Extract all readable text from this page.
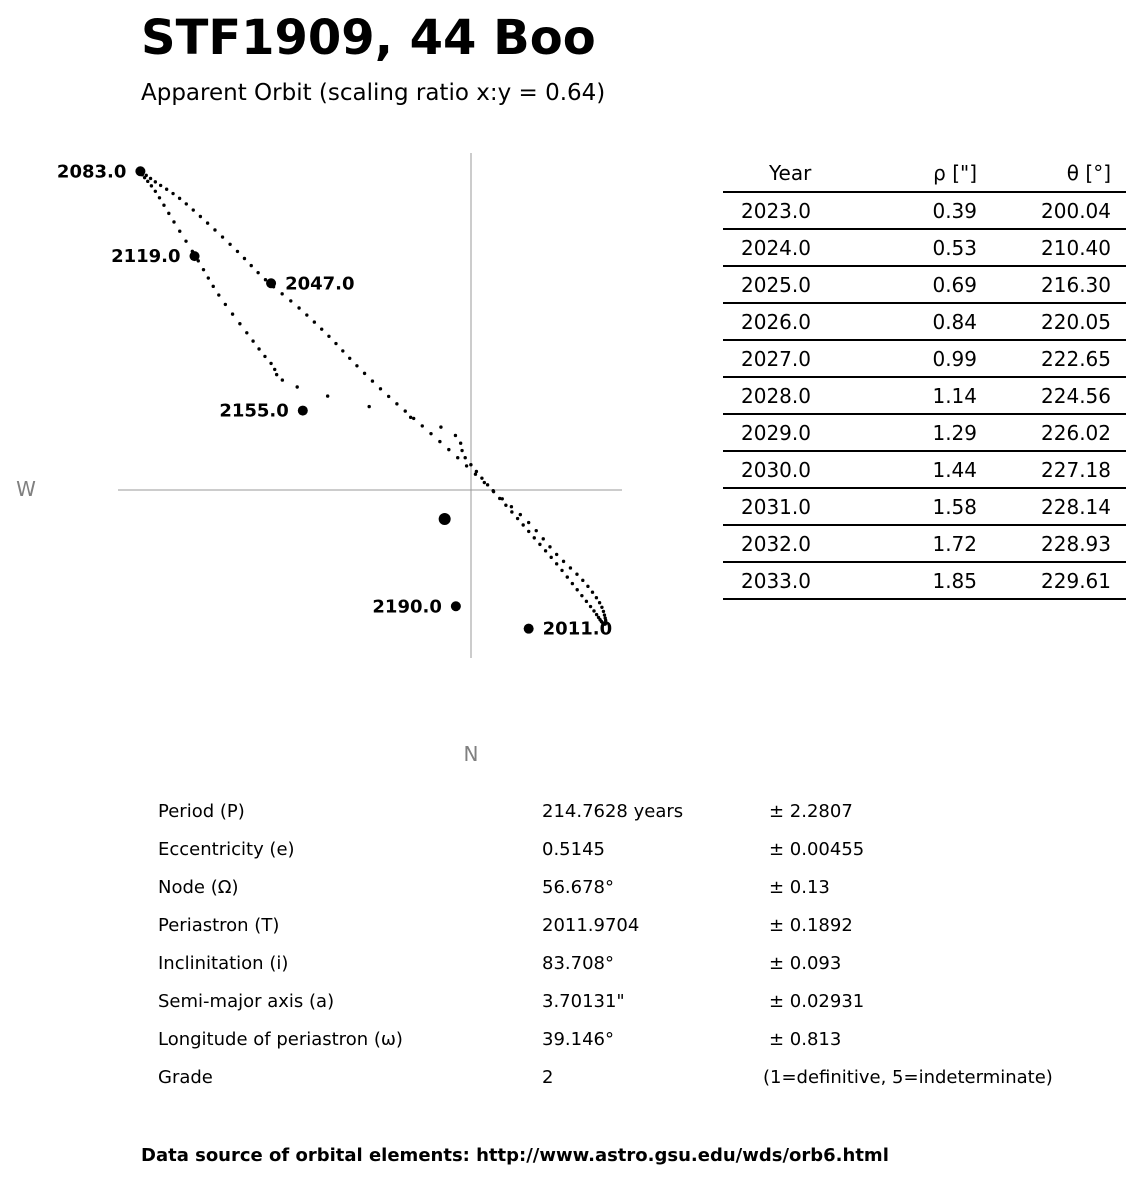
STF1909, 44 Boo
Apparent Orbit (scaling ratio x:y = 0.64)
W
N
2083.0
2119.0
2047.0
2155.0
2190.0
2011.0
Year	ρ ["]	θ [°]
2023.0	0.39	200.04
2024.0	0.53	210.40
2025.0	0.69	216.30
2026.0	0.84	220.05
2027.0	0.99	222.65
2028.0	1.14	224.56
2029.0	1.29	226.02
2030.0	1.44	227.18
2031.0	1.58	228.14
2032.0	1.72	228.93
2033.0	1.85	229.61
Period (P)	214.7628 years	± 2.2807
Eccentricity (e)	0.5145	± 0.00455
Node (Ω)	56.678°	± 0.13
Periastron (T)	2011.9704	± 0.1892
Inclinitation (i)	83.708°	± 0.093
Semi-major axis (a)	3.70131"	± 0.02931
Longitude of periastron (ω)	39.146°	± 0.813
Grade	2	(1=definitive, 5=indeterminate)
Data source of orbital elements: http://www.astro.gsu.edu/wds/orb6.html
